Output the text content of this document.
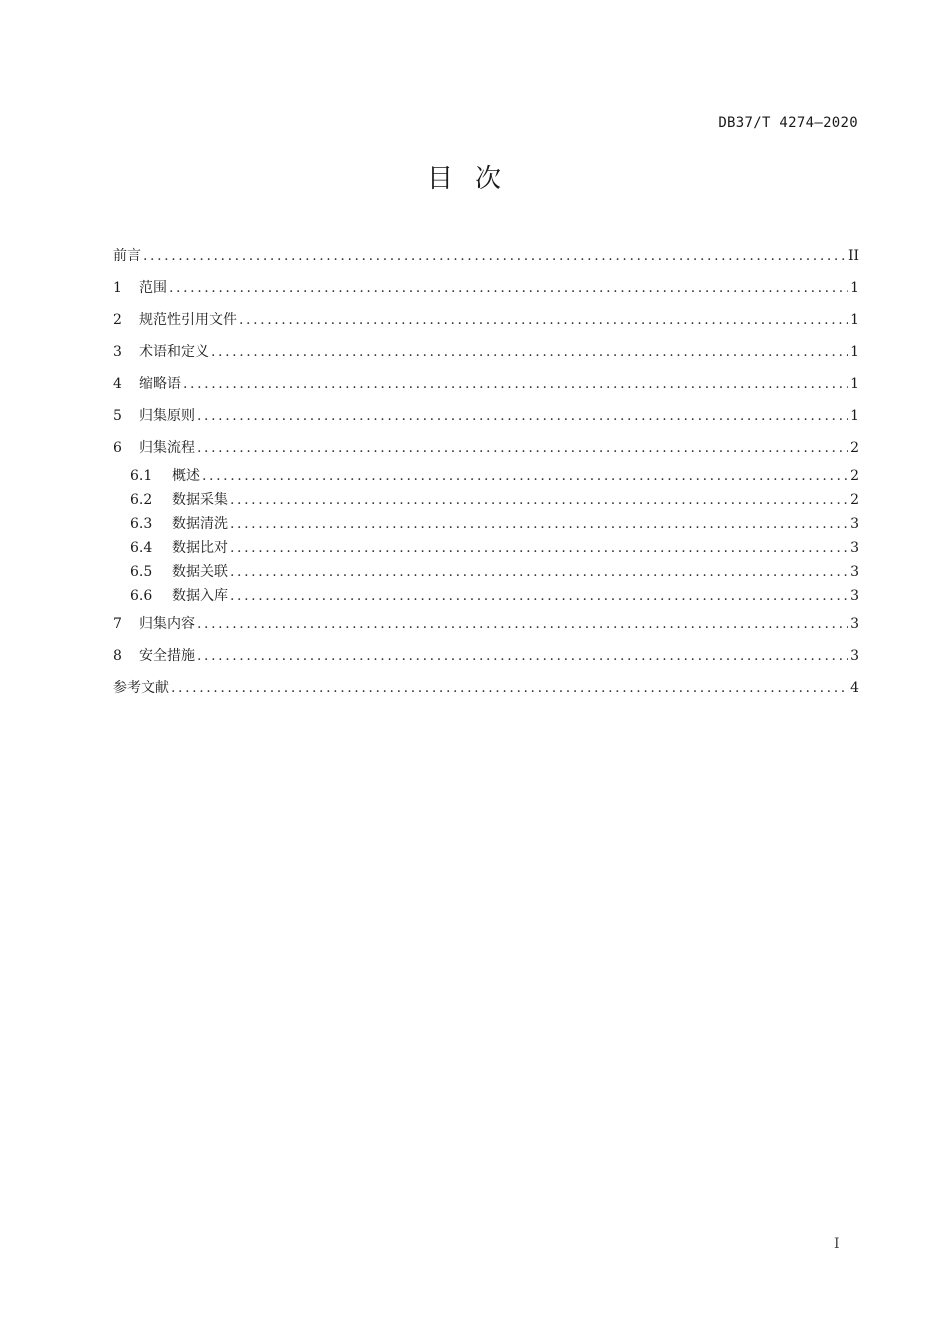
DB37/T 4274—2020
目次
前言 .....	II
1	范围 .....	1
2	规范性引用文件 .....	1
3	术语和定义 .....	1
4	缩略语 .....	1
5	归集原则 .....	1
6	归集流程 .....	2
6.1	概述 .....	2
6.2	数据采集 .....	2
6.3	数据清洗 .....	3
6.4	数据比对 .....	3
6.5	数据关联 .....	3
6.6	数据入库 .....	3
7	归集内容 .....	3
8	安全措施 .....	3
参考文献 .....	4
I
